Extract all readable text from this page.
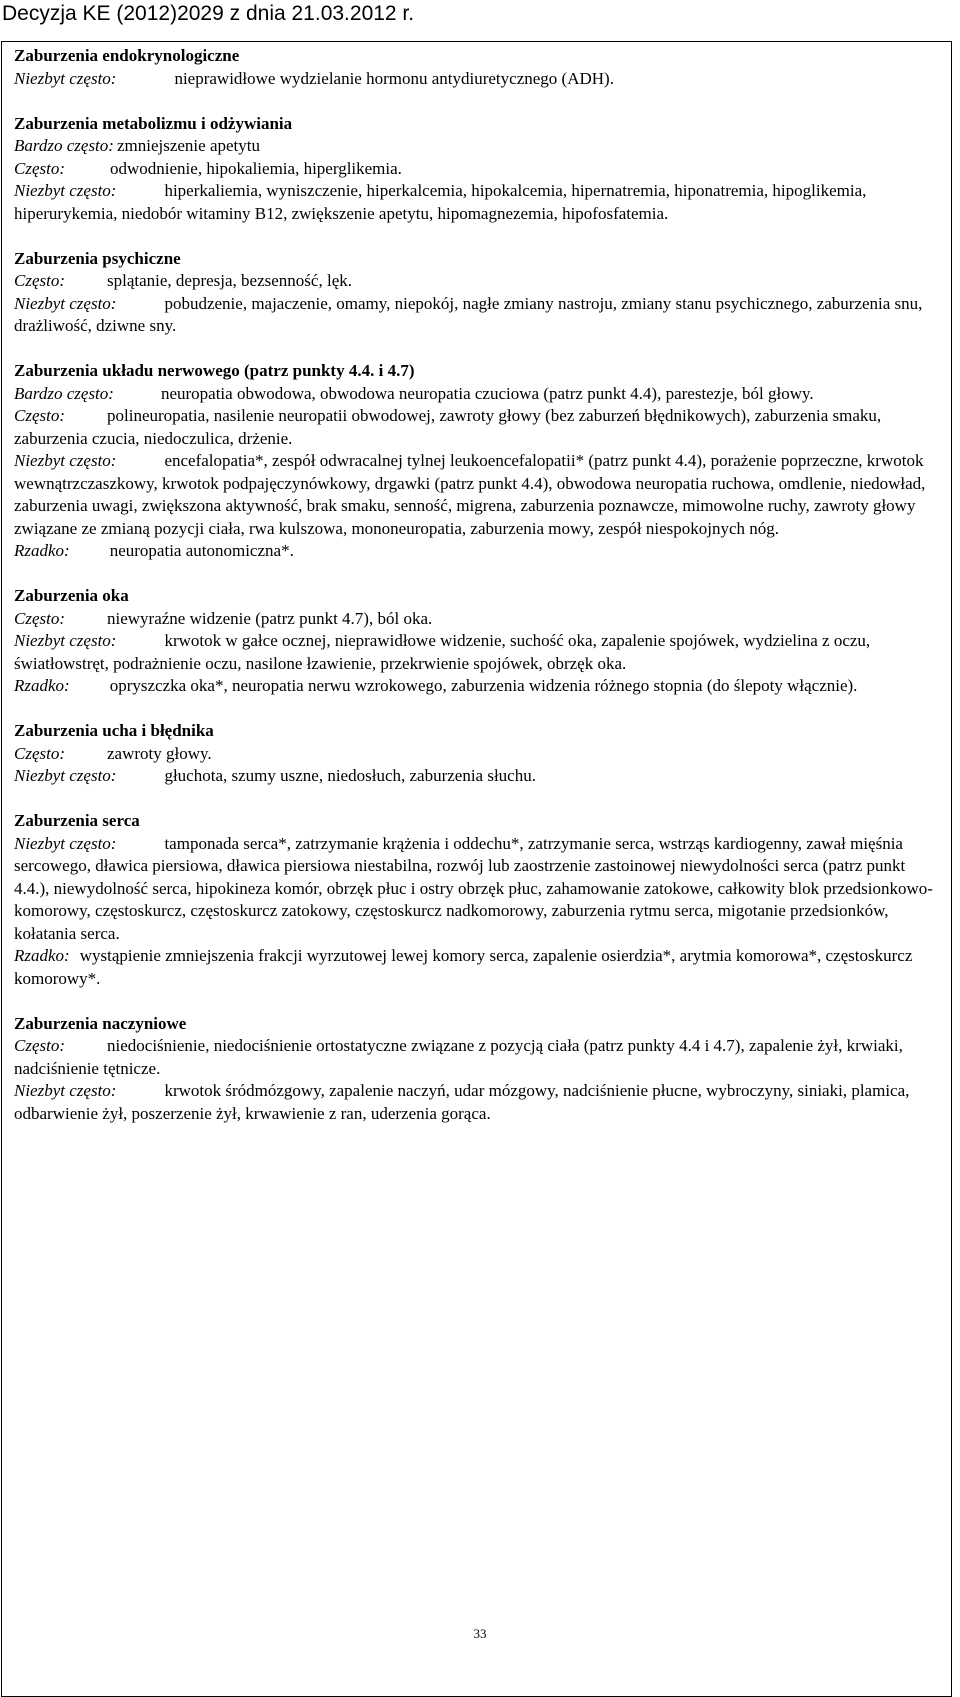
Decyzja KE (2012)2029 z dnia 21.03.2012 r.
Zaburzenia endokrynologiczne

Niezbyt często:	nieprawidłowe wydzielanie hormonu antydiuretycznego (ADH).

Zaburzenia metabolizmu i odżywiania

Bardzo często: zmniejszenie apetytu

Często:	odwodnienie, hipokaliemia, hiperglikemia.

Niezbyt często:	hiperkaliemia, wyniszczenie, hiperkalcemia, hipokalcemia, hipernatremia, hiponatremia, hipoglikemia, hiperurykemia, niedobór witaminy B12, zwiększenie apetytu, hipomagnezemia, hipofosfatemia.

Zaburzenia psychiczne

Często: splątanie, depresja, bezsenność, lęk.

Niezbyt często:	pobudzenie, majaczenie, omamy, niepokój, nagłe zmiany nastroju, zmiany stanu psychicznego, zaburzenia snu, drażliwość, dziwne sny.

Zaburzenia układu nerwowego (patrz punkty 4.4. i 4.7)

Bardzo często:	neuropatia obwodowa, obwodowa neuropatia czuciowa (patrz punkt 4.4), parestezje, ból głowy.

Często: polineuropatia, nasilenie neuropatii obwodowej, zawroty głowy (bez zaburzeń błędnikowych), zaburzenia smaku, zaburzenia czucia, niedoczulica, drżenie.

Niezbyt często:	encefalopatia*, zespół odwracalnej tylnej leukoencefalopatii* (patrz punkt 4.4), porażenie poprzeczne, krwotok wewnątrzczaszkowy, krwotok podpajęczynówkowy, drgawki (patrz punkt 4.4), obwodowa neuropatia ruchowa, omdlenie, niedowład, zaburzenia uwagi, zwiększona aktywność, brak smaku, senność, migrena, zaburzenia poznawcze, mimowolne ruchy, zawroty głowy związane ze zmianą pozycji ciała, rwa kulszowa, mononeuropatia, zaburzenia mowy, zespół niespokojnych nóg.

Rzadko: neuropatia autonomiczna*.

Zaburzenia oka

Często: niewyraźne widzenie (patrz punkt 4.7), ból oka.

Niezbyt często:	krwotok w gałce ocznej, nieprawidłowe widzenie, suchość oka, zapalenie spojówek, wydzielina z oczu, światłowstręt, podrażnienie oczu, nasilone łzawienie, przekrwienie spojówek, obrzęk oka.

Rzadko: opryszczka oka*, neuropatia nerwu wzrokowego, zaburzenia widzenia różnego stopnia (do ślepoty włącznie).

Zaburzenia ucha i błędnika

Często: zawroty głowy.

Niezbyt często:	głuchota, szumy uszne, niedosłuch, zaburzenia słuchu.

Zaburzenia serca

Niezbyt często:	tamponada serca*, zatrzymanie krążenia i oddechu*, zatrzymanie serca, wstrząs kardiogenny, zawał mięśnia sercowego, dławica piersiowa, dławica piersiowa niestabilna, rozwój lub zaostrzenie zastoinowej niewydolności serca (patrz punkt 4.4.), niewydolność serca, hipokineza komór, obrzęk płuc i ostry obrzęk płuc, zahamowanie zatokowe, całkowity blok przedsionkowo-komorowy, częstoskurcz, częstoskurcz zatokowy, częstoskurcz nadkomorowy, zaburzenia rytmu serca, migotanie przedsionków, kołatania serca.

Rzadko: wystąpienie zmniejszenia frakcji wyrzutowej lewej komory serca, zapalenie osierdzia*, arytmia komorowa*, częstoskurcz komorowy*.

Zaburzenia naczyniowe

Często: niedociśnienie, niedociśnienie ortostatyczne związane z pozycją ciała (patrz punkty 4.4 i 4.7), zapalenie żył, krwiaki, nadciśnienie tętnicze.

Niezbyt często:	krwotok śródmózgowy, zapalenie naczyń, udar mózgowy, nadciśnienie płucne, wybroczyny, siniaki, plamica, odbarwienie żył, poszerzenie żył, krwawienie z ran, uderzenia gorąca.

33
